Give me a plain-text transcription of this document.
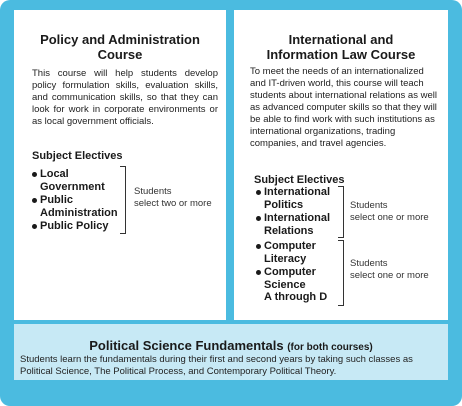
Policy and Administration
Course
This course will help students develop policy formulation skills, evaluation skills, and communication skills, so that they can look for work in corporate environments or as local government officials.
Subject Electives
Local
Government
Public
Administration
Public Policy
Students
select two or more
International and
Information Law Course
To meet the needs of an internationalized and IT-driven world, this course will teach students about international relations as well as advanced computer skills so that they will be able to find work with such institutions as international organizations, trading companies, and travel agencies.
Subject Electives
International
Politics
International
Relations
Students
select one or more
Computer
Literacy
Computer
Science
A through D
Students
select one or more
Political Science Fundamentals (for both courses)
Students learn the fundamentals during their first and second years by taking such classes as Political Science, The Political Process, and Contemporary Political Theory.
